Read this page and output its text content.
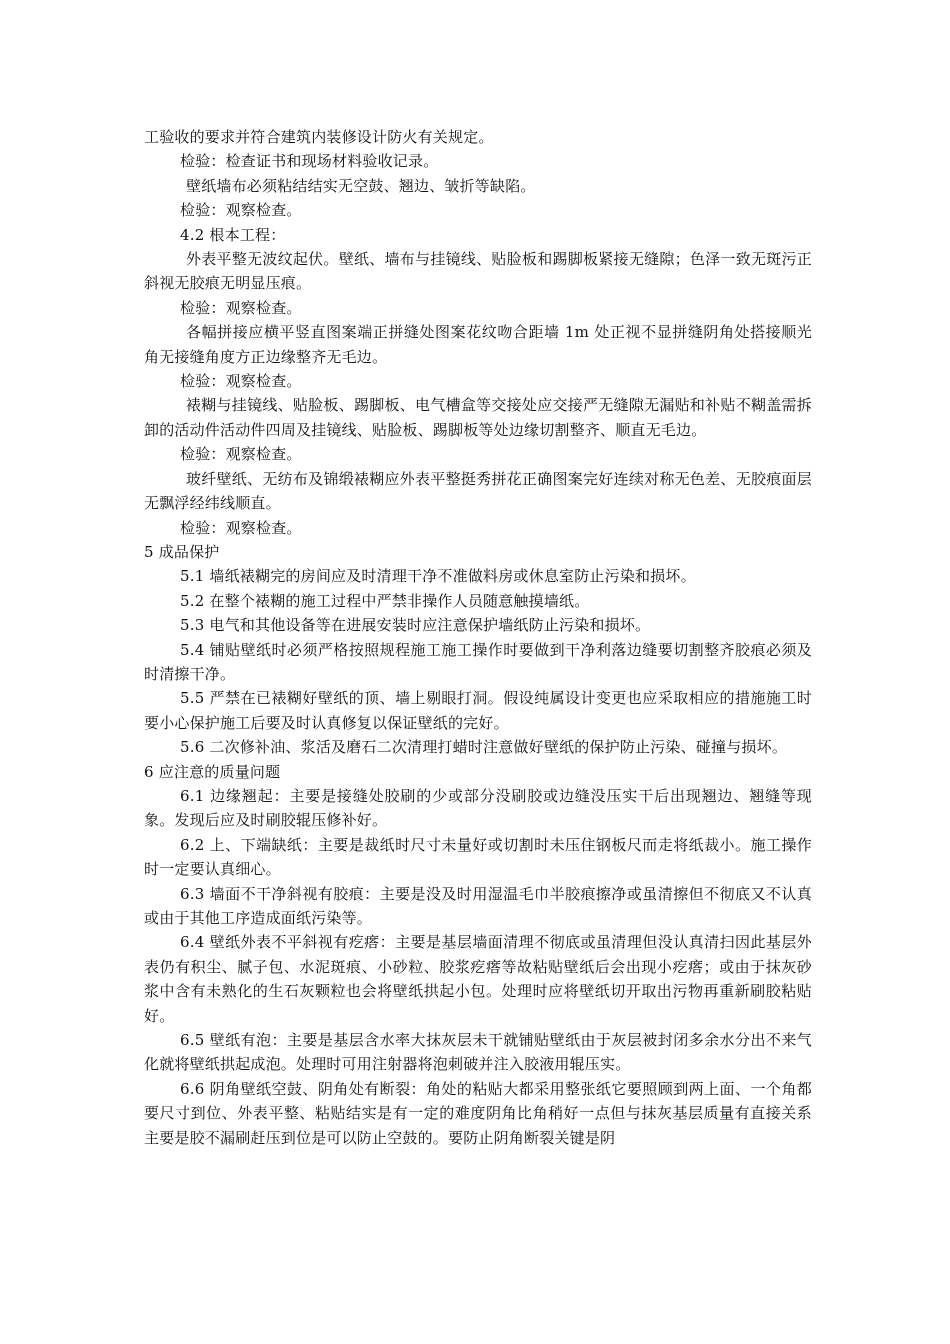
工验收的要求并符合建筑内装修设计防火有关规定。

检验：检查证书和现场材料验收记录。

壁纸墙布必须粘结结实无空鼓、翘边、皱折等缺陷。

检验：观察检查。

4.2 根本工程：

外表平整无波纹起伏。壁纸、墙布与挂镜线、贴脸板和踢脚板紧接无缝隙；色泽一致无斑污正斜视无胶痕无明显压痕。

检验：观察检查。

各幅拼接应横平竖直图案端正拼缝处图案花纹吻合距墙 1m 处正视不显拼缝阴角处搭接顺光角无接缝角度方正边缘整齐无毛边。

检验：观察检查。

裱糊与挂镜线、贴脸板、踢脚板、电气槽盒等交接处应交接严无缝隙无漏贴和补贴不糊盖需拆卸的活动件活动件四周及挂镜线、贴脸板、踢脚板等处边缘切割整齐、顺直无毛边。

检验：观察检查。

玻纤壁纸、无纺布及锦缎裱糊应外表平整挺秀拼花正确图案完好连续对称无色差、无胶痕面层无飘浮经纬线顺直。

检验：观察检查。

5 成品保护

5.1 墙纸裱糊完的房间应及时清理干净不准做料房或休息室防止污染和损坏。

5.2 在整个裱糊的施工过程中严禁非操作人员随意触摸墙纸。

5.3 电气和其他设备等在进展安装时应注意保护墙纸防止污染和损坏。

5.4 铺贴壁纸时必须严格按照规程施工施工操作时要做到干净利落边缝要切割整齐胶痕必须及时清擦干净。

5.5 严禁在已裱糊好壁纸的顶、墙上剔眼打洞。假设纯属设计变更也应采取相应的措施施工时要小心保护施工后要及时认真修复以保证壁纸的完好。

5.6 二次修补油、浆活及磨石二次清理打蜡时注意做好壁纸的保护防止污染、碰撞与损坏。

6 应注意的质量问题

6.1 边缘翘起：主要是接缝处胶刷的少或部分没刷胶或边缝没压实干后出现翘边、翘缝等现象。发现后应及时刷胶辊压修补好。

6.2 上、下端缺纸：主要是裁纸时尺寸未量好或切割时未压住钢板尺而走将纸裁小。施工操作时一定要认真细心。

6.3 墙面不干净斜视有胶痕：主要是没及时用湿温毛巾半胶痕擦净或虽清擦但不彻底又不认真或由于其他工序造成面纸污染等。

6.4 壁纸外表不平斜视有疙瘩：主要是基层墙面清理不彻底或虽清理但没认真清扫因此基层外表仍有积尘、腻子包、水泥斑痕、小砂粒、胶浆疙瘩等故粘贴壁纸后会出现小疙瘩；或由于抹灰砂浆中含有未熟化的生石灰颗粒也会将壁纸拱起小包。处理时应将壁纸切开取出污物再重新刷胶粘贴好。

6.5 壁纸有泡：主要是基层含水率大抹灰层未干就铺贴壁纸由于灰层被封闭多余水分出不来气化就将壁纸拱起成泡。处理时可用注射器将泡刺破并注入胶液用辊压实。

6.6 阴角壁纸空鼓、阴角处有断裂：角处的粘贴大都采用整张纸它要照顾到两上面、一个角都要尺寸到位、外表平整、粘贴结实是有一定的难度阴角比角稍好一点但与抹灰基层质量有直接关系主要是胶不漏刷赶压到位是可以防止空鼓的。要防止阴角断裂关键是阴
